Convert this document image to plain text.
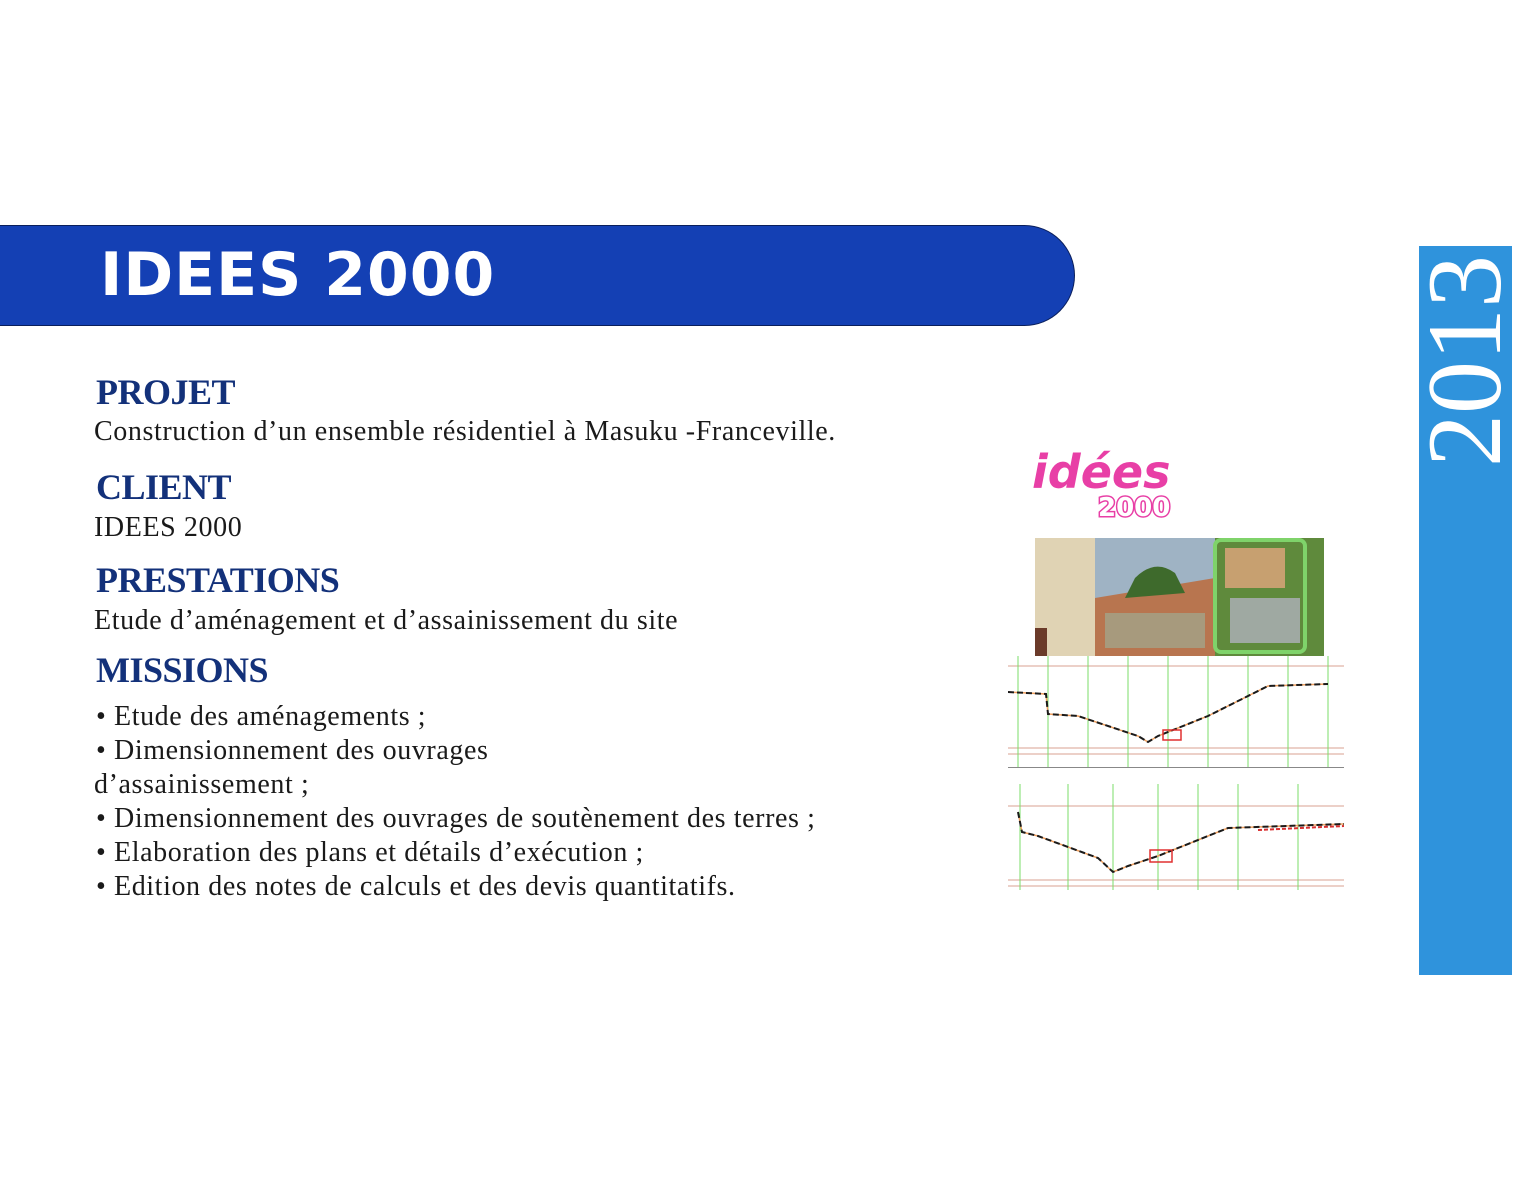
IDEES 2000	2013
PROJET
Construction d’un ensemble résidentiel à Masuku -Franceville.
CLIENT
IDEES 2000
PRESTATIONS
Etude d’aménagement et d’assainissement du site
MISSIONS
• Etude des aménagements ;
• Dimensionnement des ouvrages
d’assainissement ;
• Dimensionnement des ouvrages de soutènement des terres ;
• Elaboration des plans et détails d’exécution ;
• Edition des notes de calculs et des devis quantitatifs.
idées
2000
